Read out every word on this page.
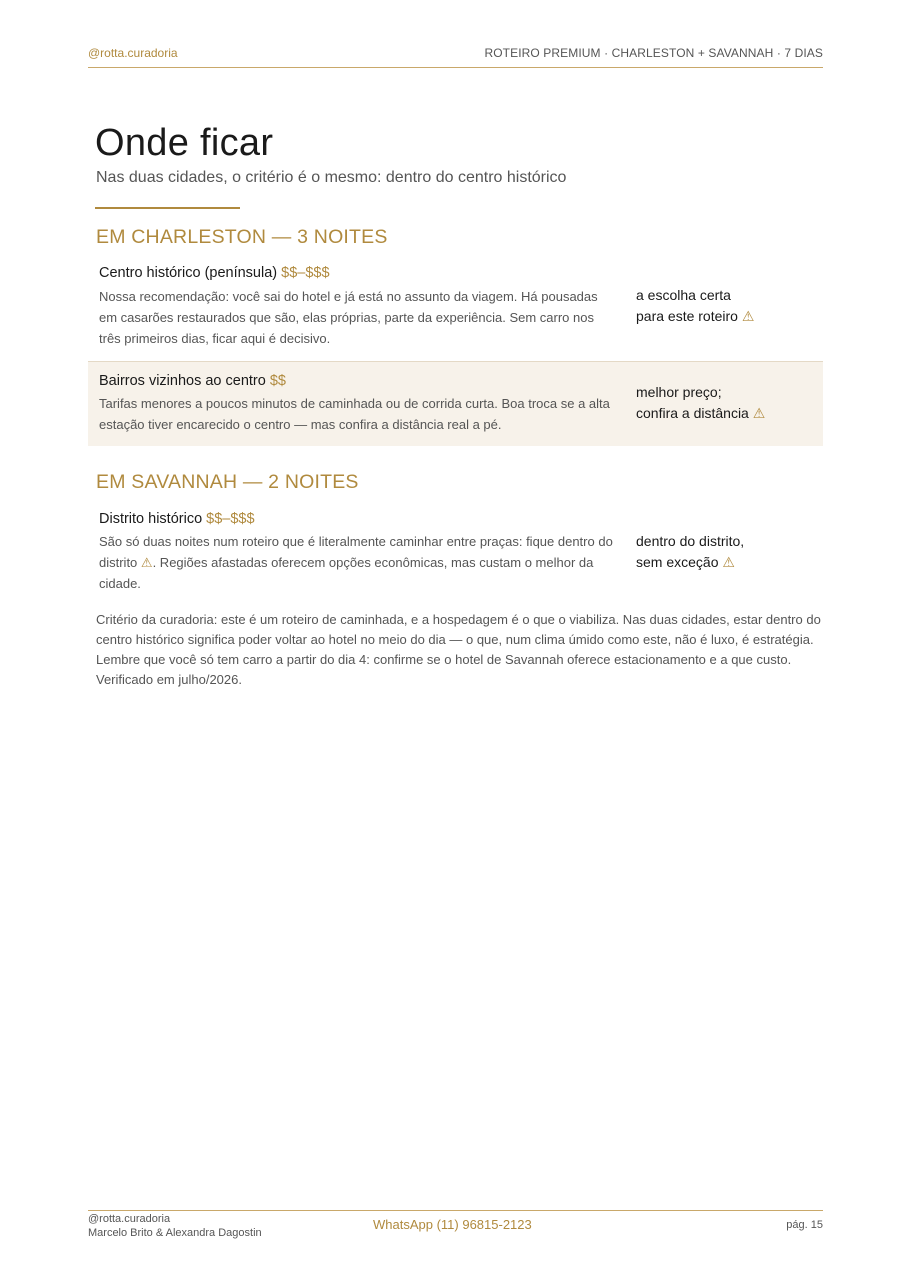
@rotta.curadoria	ROTEIRO PREMIUM · CHARLESTON + SAVANNAH · 7 DIAS
Onde ficar
Nas duas cidades, o critério é o mesmo: dentro do centro histórico
EM CHARLESTON — 3 NOITES
Centro histórico (península) $$–$$$
Nossa recomendação: você sai do hotel e já está no assunto da viagem. Há pousadas em casarões restaurados que são, elas próprias, parte da experiência. Sem carro nos três primeiros dias, ficar aqui é decisivo.
a escolha certa
para este roteiro ⚠
Bairros vizinhos ao centro $$
Tarifas menores a poucos minutos de caminhada ou de corrida curta. Boa troca se a alta estação tiver encarecido o centro — mas confira a distância real a pé.
melhor preço;
confira a distância ⚠
EM SAVANNAH — 2 NOITES
Distrito histórico $$–$$$
São só duas noites num roteiro que é literalmente caminhar entre praças: fique dentro do distrito ⚠. Regiões afastadas oferecem opções econômicas, mas custam o melhor da cidade.
dentro do distrito,
sem exceção ⚠
Critério da curadoria: este é um roteiro de caminhada, e a hospedagem é o que o viabiliza. Nas duas cidades, estar dentro do centro histórico significa poder voltar ao hotel no meio do dia — o que, num clima úmido como este, não é luxo, é estratégia. Lembre que você só tem carro a partir do dia 4: confirme se o hotel de Savannah oferece estacionamento e a que custo. Verificado em julho/2026.
@rotta.curadoria
Marcelo Brito & Alexandra Dagostin
WhatsApp (11) 96815-2123	pág. 15
